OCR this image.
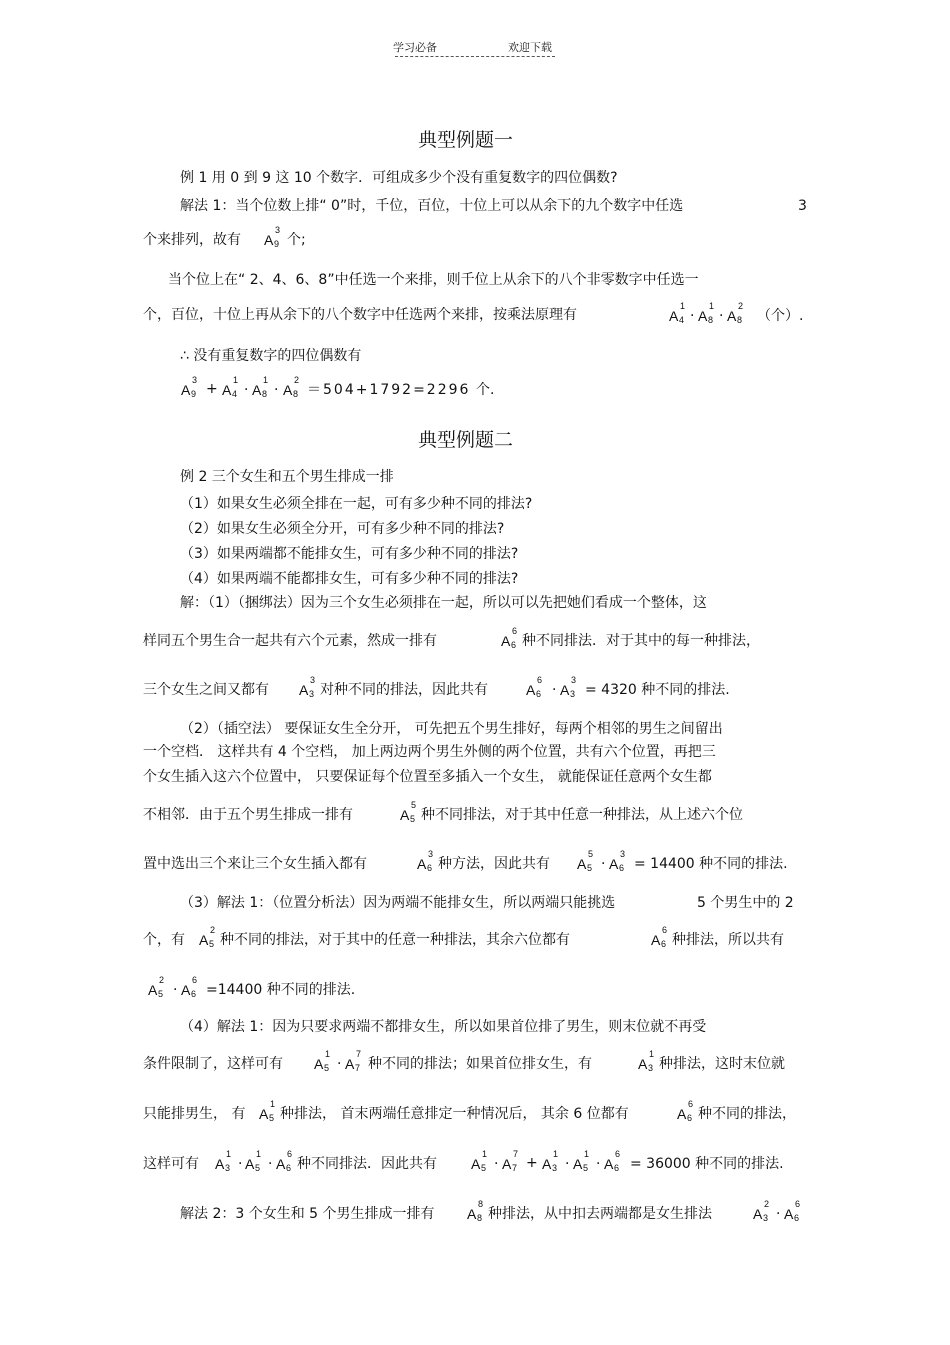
学习必备	欢迎下载
典型例题一
例 1 用 0 到 9 这 10 个数字．可组成多少个没有重复数字的四位偶数?
解法 1：当个位数上排“ 0”时，千位，百位，十位上可以从余下的九个数字中任选	3
个来排列，故有 A 9
3
个;
当个位上在“ 2、4、6、8”中任选一个来排，则千位上从余下的八个非零数字中任选一
个，百位，十位上再从余下的八个数字中任选两个来排，按乘法原理有	A 4
1
· A 8
1
· A 8
2
（个）.
∴ 没有重复数字的四位偶数有
A 9
3
+ A 4
1
· A 8
1
· A 8
2
＝504+1792=2296 个.
典型例题二
例 2 三个女生和五个男生排成一排
（1）如果女生必须全排在一起，可有多少种不同的排法?
（2）如果女生必须全分开，可有多少种不同的排法?
（3）如果两端都不能排女生，可有多少种不同的排法?
（4）如果两端不能都排女生，可有多少种不同的排法?
解：（1）（捆绑法）因为三个女生必须排在一起，所以可以先把她们看成一个整体，这
样同五个男生合一起共有六个元素，然成一排有	A 6
6
种不同排法．对于其中的每一种排法，
三个女生之间又都有 A 3
3
对种不同的排法，因此共有	A 6
6
· A 3
3
= 4320 种不同的排法.
（2）（插空法） 要保证女生全分开， 可先把五个男生排好，每两个相邻的男生之间留出
一个空档． 这样共有 4 个空档， 加上两边两个男生外侧的两个位置，共有六个位置，再把三
个女生插入这六个位置中， 只要保证每个位置至多插入一个女生， 就能保证任意两个女生都
不相邻．由于五个男生排成一排有	A 5
5
种不同排法，对于其中任意一种排法，从上述六个位
置中选出三个来让三个女生插入都有	A 6
3
种方法，因此共有 A 5
5
· A 6
3
= 14400 种不同的排法.
（3）解法 1：（位置分析法）因为两端不能排女生，所以两端只能挑选	5 个男生中的 2
个，有 A 5
2
种不同的排法，对于其中的任意一种排法，其余六位都有	A 6
6
种排法，所以共有
A 5
2
· A 6
6
=14400 种不同的排法.
（4）解法 1：因为只要求两端不都排女生，所以如果首位排了男生，则末位就不再受
条件限制了，这样可有 A 5
1
· A 7
7
种不同的排法；如果首位排女生，有	A 3
1
种排法，这时末位就
只能排男生， 有 A 5
1
种排法， 首末两端任意排定一种情况后， 其余 6 位都有	A 6
6
种不同的排法，
这样可有 A 3
1
· A 5
1
· A 6
6
种不同排法．因此共有 A 5
1
· A 7
7
+ A 3
1
· A 5
1
· A 6
6
= 36000 种不同的排法.
解法 2：3 个女生和 5 个男生排成一排有 A 8
8
种排法，从中扣去两端都是女生排法	A 3
2
· A 6
6
